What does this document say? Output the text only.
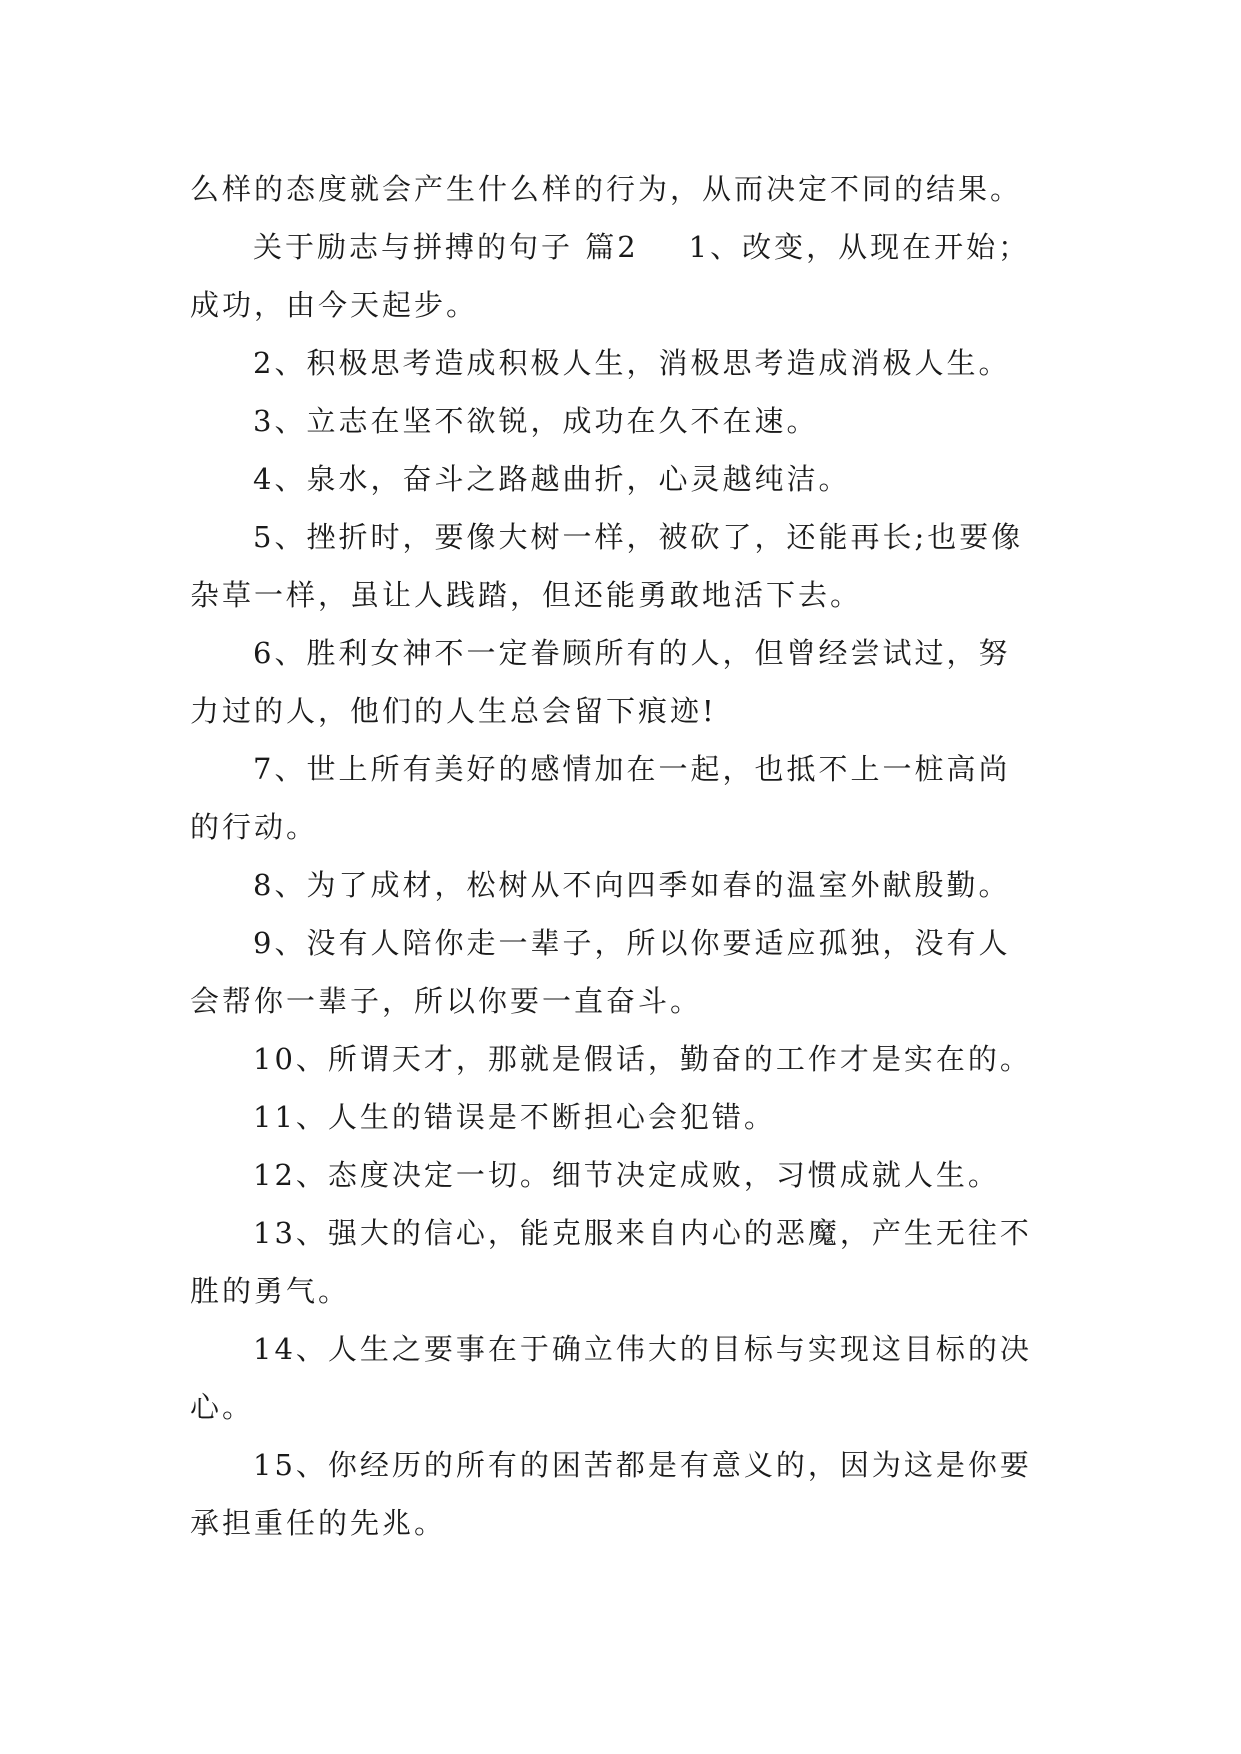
么样的态度就会产生什么样的行为，从而决定不同的结果。
关于励志与拼搏的句子 篇2 1、改变，从现在开始；
成功，由今天起步。
2、积极思考造成积极人生，消极思考造成消极人生。
3、立志在坚不欲锐，成功在久不在速。
4、泉水，奋斗之路越曲折，心灵越纯洁。
5、挫折时，要像大树一样，被砍了，还能再长;也要像
杂草一样，虽让人践踏，但还能勇敢地活下去。
6、胜利女神不一定眷顾所有的人，但曾经尝试过，努
力过的人，他们的人生总会留下痕迹!
7、世上所有美好的感情加在一起，也抵不上一桩高尚
的行动。
8、为了成材，松树从不向四季如春的温室外献殷勤。
9、没有人陪你走一辈子，所以你要适应孤独，没有人
会帮你一辈子，所以你要一直奋斗。
10、所谓天才，那就是假话，勤奋的工作才是实在的。
11、人生的错误是不断担心会犯错。
12、态度决定一切。细节决定成败，习惯成就人生。
13、强大的信心，能克服来自内心的恶魔，产生无往不
胜的勇气。
14、人生之要事在于确立伟大的目标与实现这目标的决
心。
15、你经历的所有的困苦都是有意义的，因为这是你要
承担重任的先兆。
